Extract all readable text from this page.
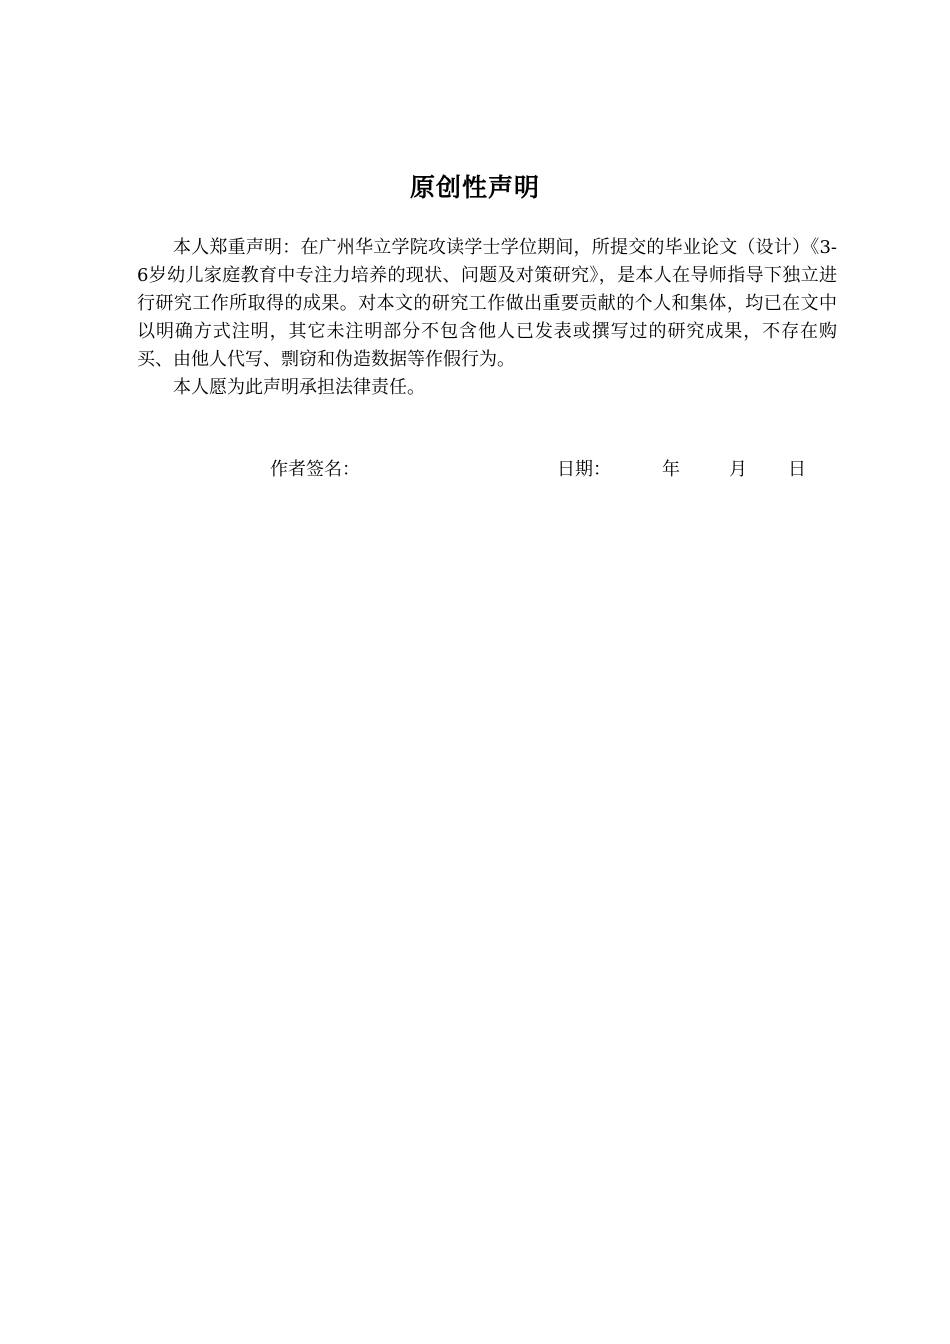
原创性声明

本人郑重声明：在广州华立学院攻读学士学位期间，所提交的毕业论文（设计）《3-6岁幼儿家庭教育中专注力培养的现状、问题及对策研究》，是本人在导师指导下独立进行研究工作所取得的成果。对本文的研究工作做出重要贡献的个人和集体，均已在文中以明确方式注明，其它未注明部分不包含他人已发表或撰写过的研究成果，不存在购买、由他人代写、剽窃和伪造数据等作假行为。

本人愿为此声明承担法律责任。

作者签名：	日期：	年	月 日
